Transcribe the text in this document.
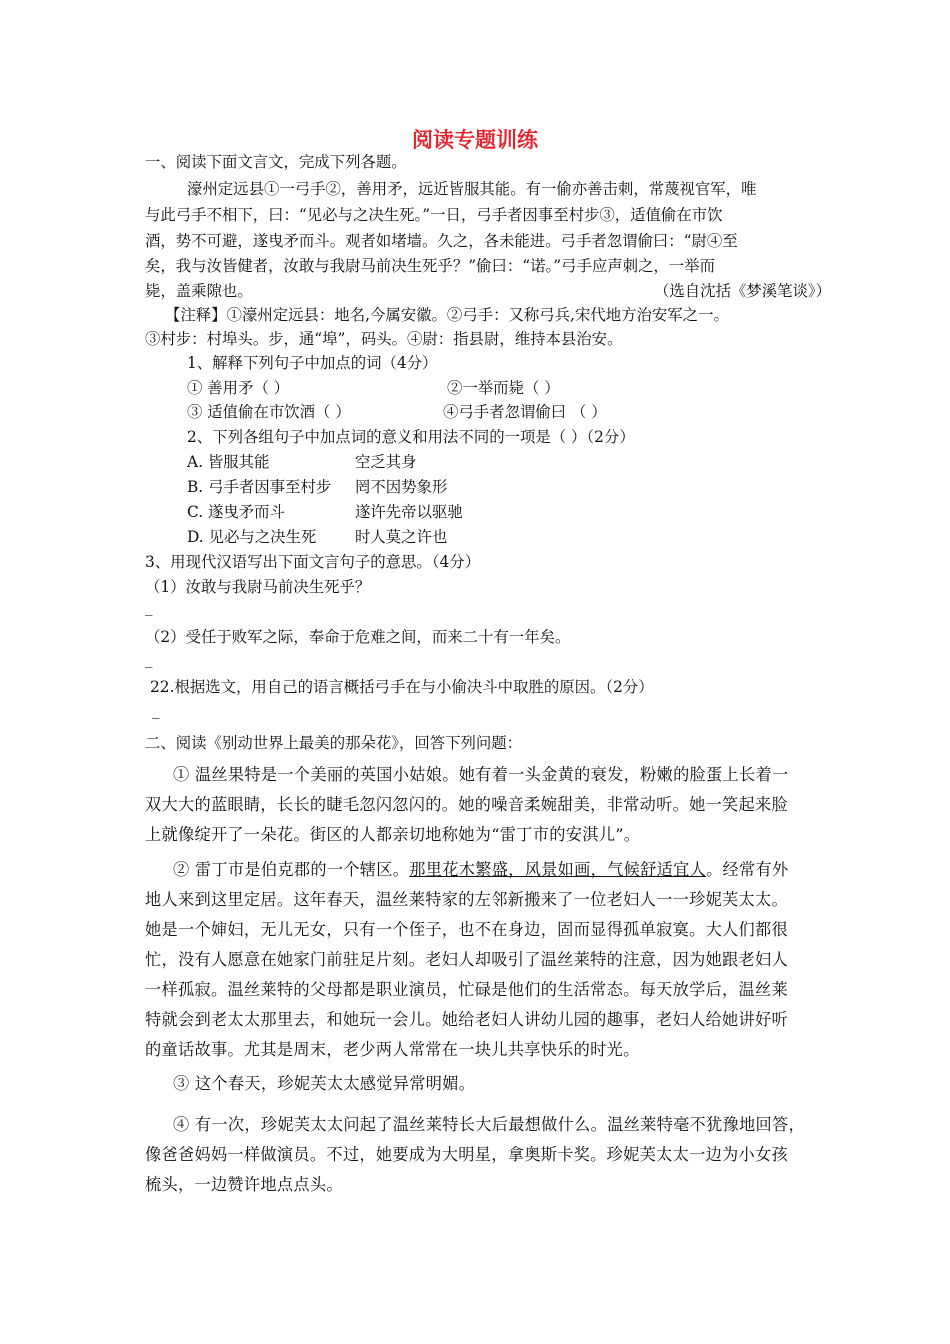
阅读专题训练
一、阅读下面文言文，完成下列各题。
濠州定远县①一弓手②，善用矛，远近皆服其能。有一偷亦善击刺，常蔑视官军，唯
与此弓手不相下，曰：“见必与之决生死。”一日，弓手者因事至村步③，适值偷在市饮
酒，势不可避，遂曳矛而斗。观者如堵墙。久之，各未能进。弓手者忽谓偷曰：“尉④至
矣，我与汝皆健者，汝敢与我尉马前决生死乎？”偷曰：“诺。”弓手应声刺之，一举而
毙，盖乘隙也。	（选自沈括《梦溪笔谈》）
【注释】①濠州定远县：地名,今属安徽。②弓手：又称弓兵,宋代地方治安军之一。
③村步：村埠头。步，通“埠”，码头。④尉：指县尉，维持本县治安。
1、解释下列句子中加点的词（4分）
① 善用矛（ ）	②一举而毙（ ）
③ 适值偷在市饮酒（ ）	④弓手者忽谓偷曰 （ ）
2、下列各组句子中加点词的意义和用法不同的一项是（ ）（2分）
A. 皆服其能	空乏其身
B. 弓手者因事至村步 罔不因势象形
C. 遂曳矛而斗	遂许先帝以驱驰
D. 见必与之决生死	时人莫之许也
3、用现代汉语写出下面文言句子的意思。（4分）
（1）汝敢与我尉马前决生死乎？
_
（2）受任于败军之际，奉命于危难之间，而来二十有一年矣。
_
22.根据选文，用自己的语言概括弓手在与小偷决斗中取胜的原因。（2分）
_
二、阅读《别动世界上最美的那朵花》，回答下列问题：
① 温丝果特是一个美丽的英国小姑娘。她有着一头金黄的衰发，粉嫩的脸蛋上长着一
双大大的蓝眼睛，长长的睫毛忽闪忽闪的。她的噪音柔婉甜美，非常动听。她一笑起来脸
上就像绽开了一朵花。街区的人都亲切地称她为“雷丁市的安淇儿”。
② 雷丁市是伯克郡的一个辖区。那里花木繁盛，风景如画，气候舒适宜人。经常有外
地人来到这里定居。这年春天，温丝莱特家的左邻新搬来了一位老妇人一一珍妮芙太太。
她是一个婶妇，无儿无女，只有一个侄子，也不在身边，固而显得孤单寂寞。大人们都很
忙，没有人愿意在她家门前驻足片刻。老妇人却吸引了温丝莱特的注意，因为她跟老妇人
一样孤寂。温丝莱特的父母都是职业演员，忙碌是他们的生活常态。每天放学后，温丝莱
特就会到老太太那里去，和她玩一会儿。她给老妇人讲幼儿园的趣事，老妇人给她讲好听
的童话故事。尤其是周末，老少两人常常在一块儿共享快乐的时光。
③ 这个春天，珍妮芙太太感觉异常明媚。
④ 有一次，珍妮芙太太问起了温丝莱特长大后最想做什么。温丝莱特毫不犹豫地回答，
像爸爸妈妈一样做演员。不过，她要成为大明星，拿奥斯卡奖。珍妮芙太太一边为小女孩
梳头，一边赞许地点点头。
